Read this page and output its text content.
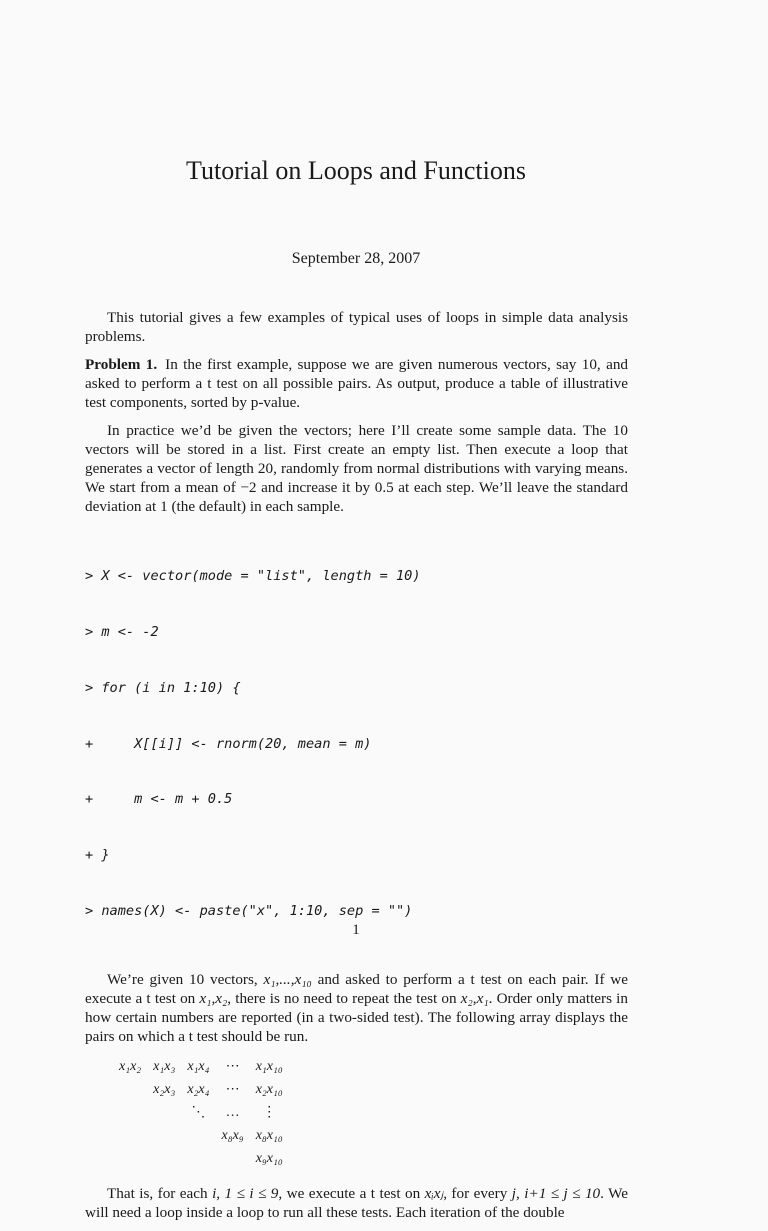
Tutorial on Loops and Functions
September 28, 2007

This tutorial gives a few examples of typical uses of loops in simple data analysis problems.

Problem 1. In the first example, suppose we are given numerous vectors, say 10, and asked to perform a t test on all possible pairs. As output, produce a table of illustrative test components, sorted by p-value.

In practice we’d be given the vectors; here I’ll create some sample data. The 10 vectors will be stored in a list. First create an empty list. Then execute a loop that generates a vector of length 20, randomly from normal distributions with varying means. We start from a mean of −2 and increase it by 0.5 at each step. We’ll leave the standard deviation at 1 (the default) in each sample.

> X <- vector(mode = "list", length = 10)

> m <- -2

> for (i in 1:10) {

+     X[[i]] <- rnorm(20, mean = m)

+     m <- m + 0.5

+ }

> names(X) <- paste("x", 1:10, sep = "")

We’re given 10 vectors, x₁,...,x₁₀ and asked to perform a t test on each pair. If we execute a t test on x₁,x₂, there is no need to repeat the test on x₂,x₁. Order only matters in how certain numbers are reported (in a two-sided test). The following array displays the pairs on which a t test should be run.

x₁x₂	x₁x₃	x₁x₄	⋯	x₁x₁₀
	x₂x₃	x₂x₄	⋯	x₂x₁₀
		⋱	…	⋮
			x₈x₉	x₈x₁₀
				x₉x₁₀

That is, for each i, 1 ≤ i ≤ 9, we execute a t test on xᵢxⱼ, for every j, i+1 ≤ j ≤ 10. We will need a loop inside a loop to run all these tests. Each iteration of the double

1
